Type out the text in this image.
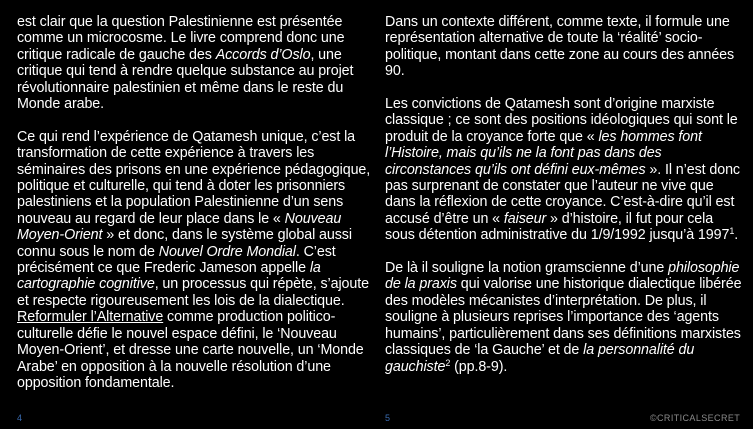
est clair que la question Palestinienne est présentée comme un microcosme. Le livre comprend donc une critique radicale de gauche des Accords d’Oslo, une critique qui tend à rendre quelque substance au projet révolutionnaire palestinien et même dans le reste du Monde arabe.

Ce qui rend l’expérience de Qatamesh unique, c’est la transformation de cette expérience à travers les séminaires des prisons en une expérience pédagogique, politique et culturelle, qui tend à doter les prisonniers palestiniens et la population Palestinienne d’un sens nouveau au regard de leur place dans le « Nouveau Moyen-Orient » et donc, dans le système global aussi connu sous le nom de Nouvel Ordre Mondial. C’est précisément ce que Frederic Jameson appelle la cartographie cognitive, un processus qui répète, s’ajoute et respecte rigoureusement les lois de la dialectique. Reformuler l’Alternative comme production politico-culturelle défie le nouvel espace défini, le ‘Nouveau Moyen-Orient’, et dresse une carte nouvelle, un ‘Monde Arabe’ en opposition à la nouvelle résolution d’une opposition fondamentale.

Dans un contexte différent, comme texte, il formule une représentation alternative de toute la ‘réalité’ socio-politique, montant dans cette zone au cours des années 90.

Les convictions de Qatamesh sont d’origine marxiste classique ; ce sont des positions idéologiques qui sont le produit de la croyance forte que « les hommes font l’Histoire, mais qu’ils ne la font pas dans des circonstances qu’ils ont défini eux-mêmes ». Il n’est donc pas surprenant de constater que l’auteur ne vive que dans la réflexion de cette croyance. C’est-à-dire qu’il est accusé d’être un « faiseur » d’histoire, il fut pour cela sous détention administrative du 1/9/1992 jusqu’à 1997$^1$.

De là il souligne la notion gramscienne d’une philosophie de la praxis qui valorise une historique dialectique libérée des modèles mécanistes d’interprétation. De plus, il souligne à plusieurs reprises l’importance des ‘agents humains’, particulièrement dans ses définitions marxistes classiques de ‘la Gauche’ et de la personnalité du gauchiste$^2$ (pp.8-9).

4	5	©CRITICALSECRET
